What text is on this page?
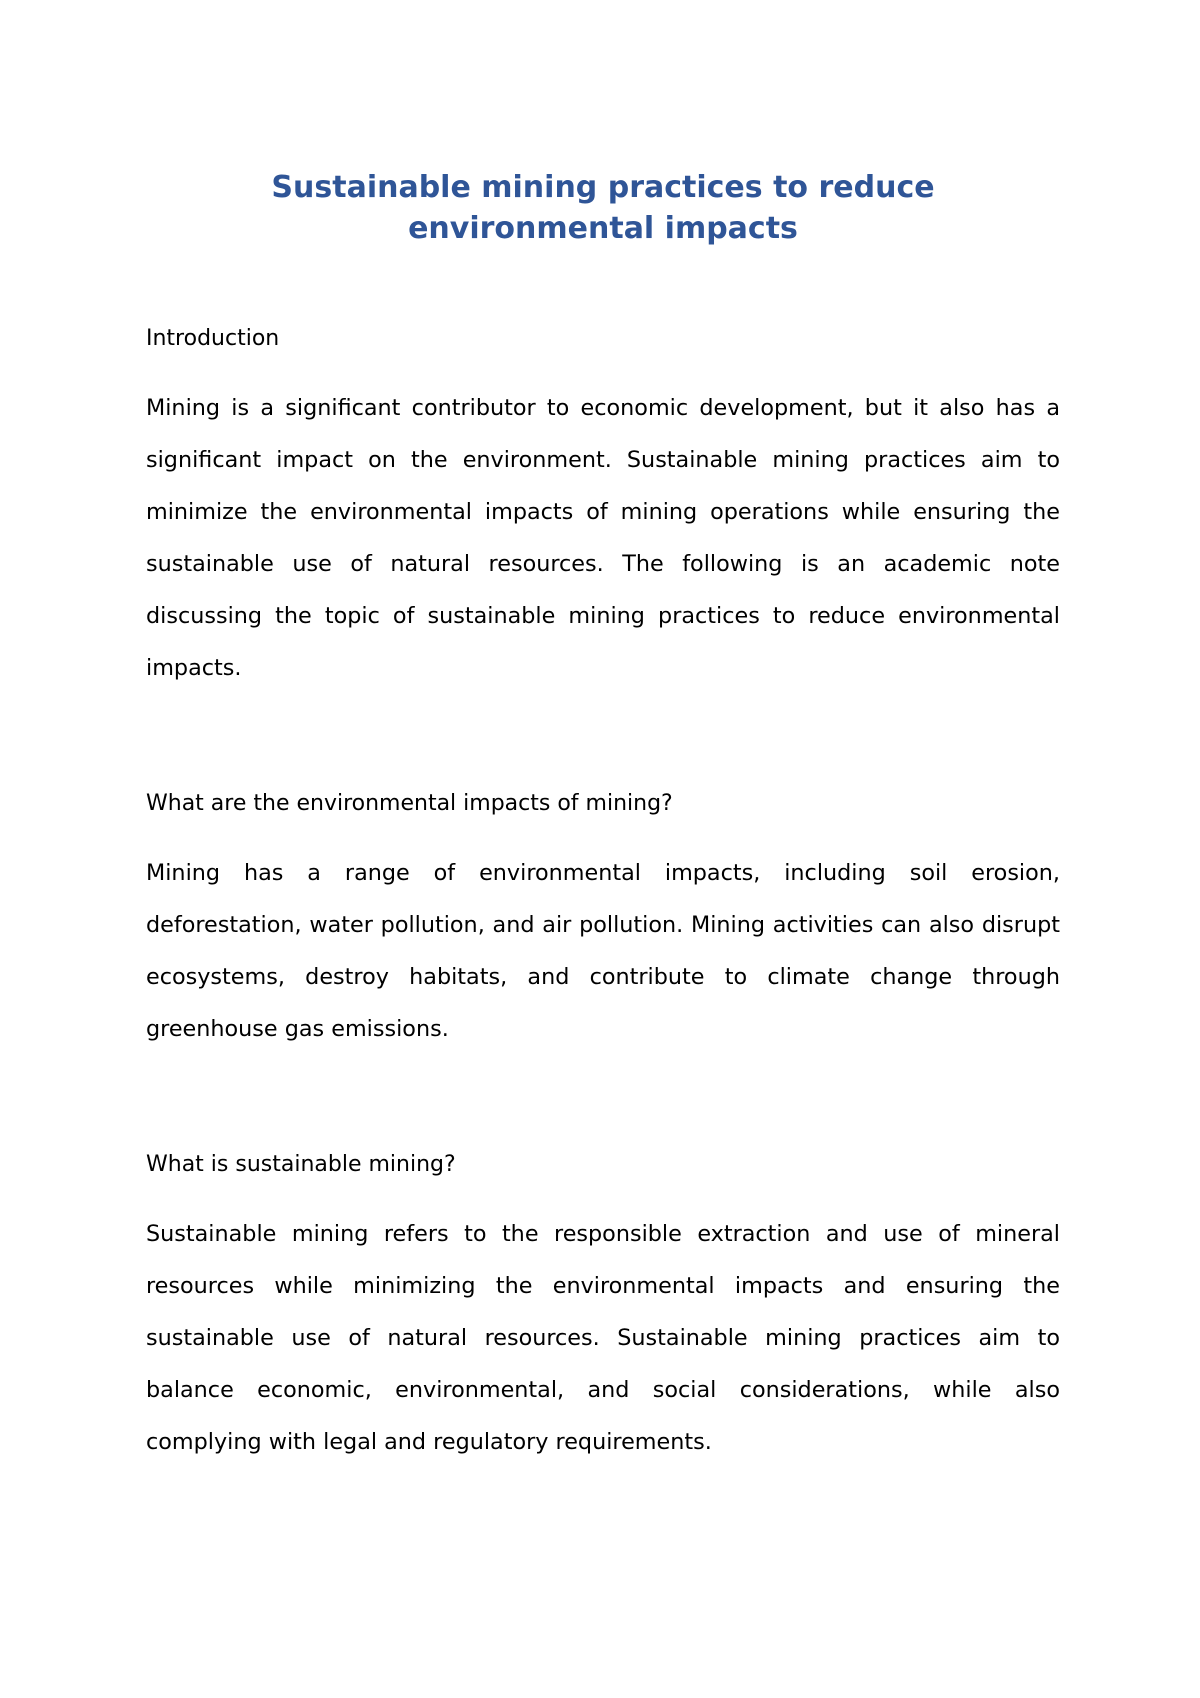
Sustainable mining practices to reduce environmental impacts
Introduction

Mining is a significant contributor to economic development, but it also has a significant impact on the environment. Sustainable mining practices aim to minimize the environmental impacts of mining operations while ensuring the sustainable use of natural resources. The following is an academic note discussing the topic of sustainable mining practices to reduce environmental impacts.

What are the environmental impacts of mining?

Mining has a range of environmental impacts, including soil erosion, deforestation, water pollution, and air pollution. Mining activities can also disrupt ecosystems, destroy habitats, and contribute to climate change through greenhouse gas emissions.

What is sustainable mining?

Sustainable mining refers to the responsible extraction and use of mineral resources while minimizing the environmental impacts and ensuring the sustainable use of natural resources. Sustainable mining practices aim to balance economic, environmental, and social considerations, while also complying with legal and regulatory requirements.
